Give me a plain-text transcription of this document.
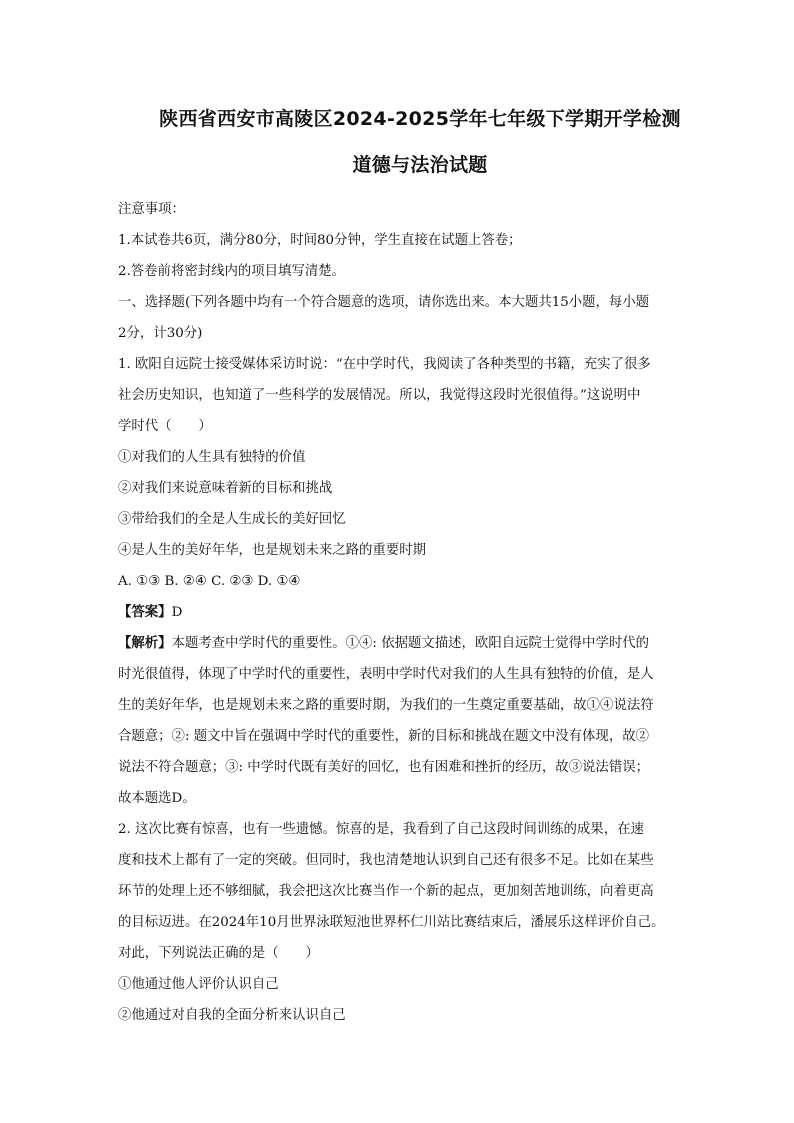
陕西省西安市高陵区2024-2025学年七年级下学期开学检测
道德与法治试题
注意事项：
1.本试卷共6页，满分80分，时间80分钟，学生直接在试题上答卷；
2.答卷前将密封线内的项目填写清楚。
一、选择题(下列各题中均有一个符合题意的选项，请你选出来。本大题共15小题，每小题
2分，计30分)
1. 欧阳自远院士接受媒体采访时说：“在中学时代，我阅读了各种类型的书籍，充实了很多
社会历史知识，也知道了一些科学的发展情况。所以，我觉得这段时光很值得。”这说明中
学时代（　　）
①对我们的人生具有独特的价值
②对我们来说意味着新的目标和挑战
③带给我们的全是人生成长的美好回忆
④是人生的美好年华，也是规划未来之路的重要时期
A. ①③ B. ②④ C. ②③ D. ①④
【答案】D
【解析】本题考查中学时代的重要性。①④: 依据题文描述，欧阳自远院士觉得中学时代的
时光很值得，体现了中学时代的重要性，表明中学时代对我们的人生具有独特的价值，是人
生的美好年华，也是规划未来之路的重要时期，为我们的一生奠定重要基础，故①④说法符
合题意；②: 题文中旨在强调中学时代的重要性，新的目标和挑战在题文中没有体现，故②
说法不符合题意；③: 中学时代既有美好的回忆，也有困难和挫折的经历，故③说法错误；
故本题选D。
2. 这次比赛有惊喜，也有一些遗憾。惊喜的是，我看到了自己这段时间训练的成果，在速
度和技术上都有了一定的突破。但同时，我也清楚地认识到自己还有很多不足。比如在某些
环节的处理上还不够细腻，我会把这次比赛当作一个新的起点，更加刻苦地训练，向着更高
的目标迈进。在2024年10月世界泳联短池世界杯仁川站比赛结束后，潘展乐这样评价自己。
对此，下列说法正确的是（　　）
①他通过他人评价认识自己
②他通过对自我的全面分析来认识自己
